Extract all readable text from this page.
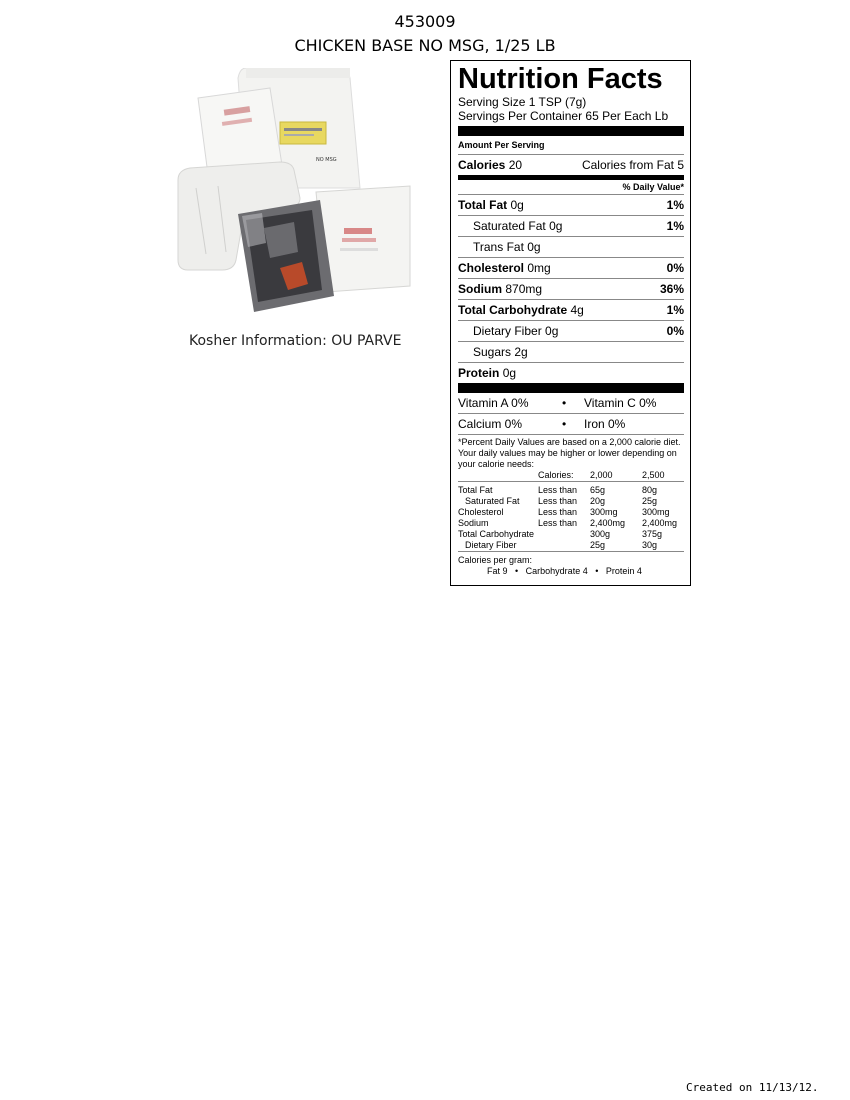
453009
CHICKEN BASE NO MSG, 1/25 LB
NO MSG
Kosher Information: OU PARVE
Nutrition Facts
Serving Size 1 TSP (7g)
Servings Per Container 65 Per Each Lb
Amount Per Serving
Calories 20	Calories from Fat 5
% Daily Value*
Total Fat 0g	1%
Saturated Fat 0g	1%
Trans Fat 0g
Cholesterol 0mg	0%
Sodium 870mg	36%
Total Carbohydrate 4g	1%
Dietary Fiber 0g	0%
Sugars 2g
Protein 0g
Vitamin A 0%	•	Vitamin C 0%
Calcium 0%	•	Iron 0%
*Percent Daily Values are based on a 2,000 calorie diet. Your daily values may be higher or lower depending on your calorie needs:
	Calories:	2,000	2,500

Total Fat	Less than	65g	80g
Saturated Fat	Less than	20g	25g
Cholesterol	Less than	300mg	300mg
Sodium	Less than	2,400mg	2,400mg
Total Carbohydrate		300g	375g
Dietary Fiber		25g	30g

Calories per gram:
Fat 9   •   Carbohydrate 4   •   Protein 4
Created on 11/13/12.
